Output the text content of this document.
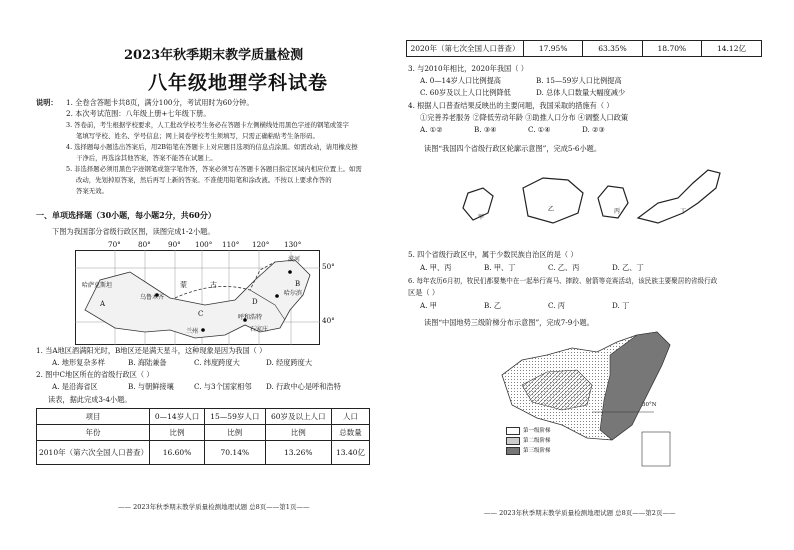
2023年秋季期末教学质量检测
八年级地理学科试卷
说明： 1. 全卷含答题卡共8页，满分100分，考试用时为60分钟。
2. 本次考试范围：八年级上册+七年级下册。
3. 答卷前，考生根据学校要求，人工批改学校考生务必在答题卡左侧横线处用黑色字迹的钢笔或签字
笔填写学校、姓名、学号信息；网上阅卷学校考生须填写，只需正确粘贴考生条形码。
4. 选择题每小题选出答案后，用2B铅笔在答题卡上对应题目选项的信息点涂黑。如需改动，请用橡皮擦
干净后，再选涂其他答案，答案不能答在试题上。
5. 非选择题必须用黑色字迹钢笔或签字笔作答，答案必须写在答题卡各题目指定区域内相应位置上。如需
改动，先划掉原答案，然后再写上新的答案。不准使用铅笔和涂改液。不按以上要求作答的
答案无效。
一、单项选择题（30小题，每小题2分，共60分）
下图为我国部分省级行政区图，读图完成1-2小题。
70° 80° 90° 100° 110° 120° 130°
哈萨克斯坦
乌鲁木齐
蒙	古
A
B
C
D
漠河
哈尔滨
呼和浩特
兰州	石家庄
50°
40°
1. 当A地区酒满阳光时，B地区还是满天星斗，这种现象是因为我国（ ）
A. 地形复杂多样	B. 海陆兼备	C. 纬度跨度大	D. 经度跨度大
2. 图中C地区所在的省级行政区（ ）
A. 是沿海省区	B. 与朝鲜接壤	C. 与3个国家相邻 D. 行政中心是呼和浩特
读表，据此完成3-4小题。
项目	0—14岁人口	15—59岁人口	60岁及以上人口	人口
年份	比例	比例	比例	总数量
2010年（第六次全国人口普查）	16.60%	70.14%	13.26%	13.40亿
—— 2023年秋季期末教学质量检测地理试题 总8页——第1页——
2020年（第七次全国人口普查）	17.95%	63.35%	18.70%	14.12亿
3. 与2010年相比，2020年我国（ ）
A. 0—14岁人口比例提高	B. 15—59岁人口比例提高
C. 60岁及以上人口比例降低	D. 总体人口数量大幅度减少
4. 根据人口普查结果反映出的主要问题，我国采取的措施有（ ）
①完善养老服务 ②降低劳动年龄 ③助推人口分布 ④调整人口政策
A. ①②	B. ③④	C. ①④	D. ②③
读图“我国四个省级行政区轮廓示意图”，完成5-6小题。
甲
乙	丙	丁
5. 四个省级行政区中，属于少数民族自治区的是（ ）
A. 甲、丙	B. 甲、丁	C. 乙、丙	D. 乙、丁
6. 每年农历6月初，牧民们都要集中在一起举行赛马、摔跤、射箭等竞赛活动，该民族主要聚居的省级行政
区是（ ）
A. 甲	B. 乙	C. 丙	D. 丁
读图“中国地势三级阶梯分布示意图”，完成7-9小题。
30°N
第一级阶梯
第二级阶梯
第三级阶梯
—— 2023年秋季期末教学质量检测地理试题 总8页——第2页——
